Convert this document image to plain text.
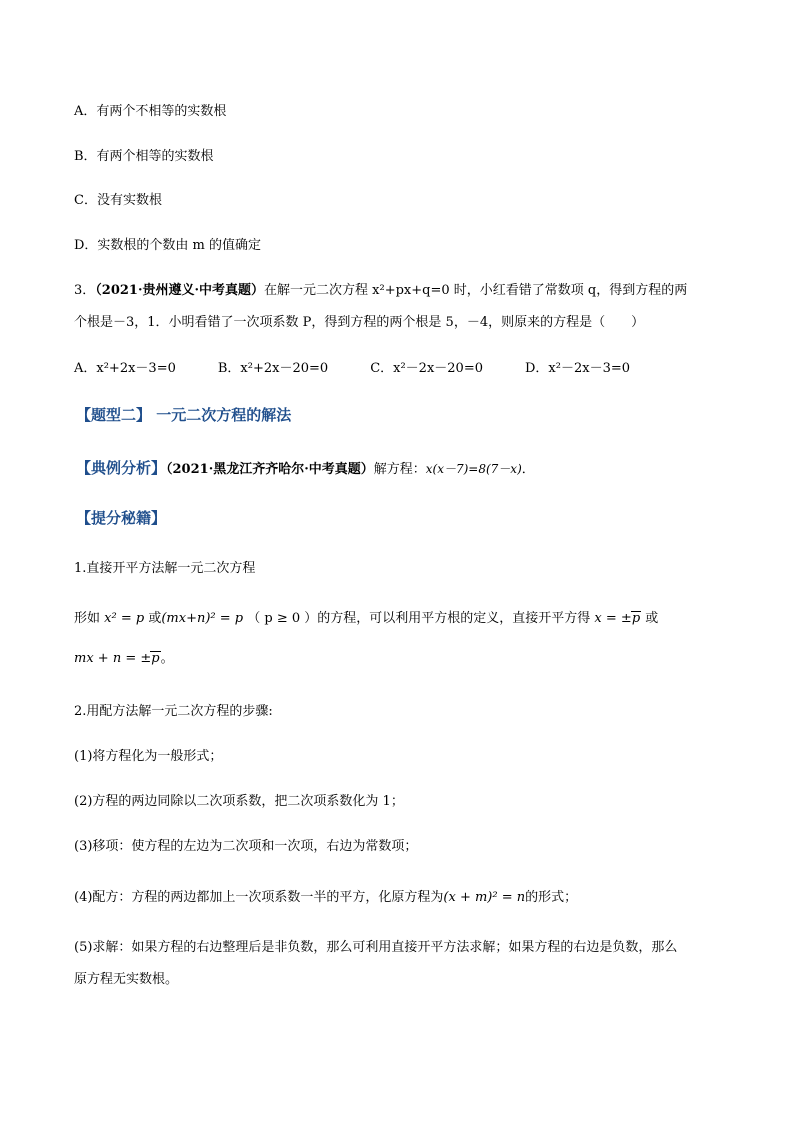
A．有两个不相等的实数根
B．有两个相等的实数根
C．没有实数根
D．实数根的个数由 m 的值确定
3．（2021·贵州遵义·中考真题）在解一元二次方程 x²+px+q=0 时，小红看错了常数项 q，得到方程的两
个根是－3，1．小明看错了一次项系数 P，得到方程的两个根是 5，－4，则原来的方程是（　　）
A．x²+2x－3=0	B．x²+2x－20=0	C．x²－2x－20=0	D．x²－2x－3=0
【题型二】 一元二次方程的解法
【典例分析】（2021·黑龙江齐齐哈尔·中考真题）解方程：x(x－7)=8(7－x)．
【提分秘籍】
1.直接开平方法解一元二次方程
形如 x² = p 或(mx+n)² = p （ p ≥ 0 ）的方程，可以利用平方根的定义，直接开平方得 x = ±p 或
mx + n = ±p。
2.用配方法解一元二次方程的步骤:
(1)将方程化为一般形式；
(2)方程的两边同除以二次项系数，把二次项系数化为 1；
(3)移项：使方程的左边为二次项和一次项，右边为常数项；
(4)配方：方程的两边都加上一次项系数一半的平方，化原方程为(x + m)² = n的形式；
(5)求解：如果方程的右边整理后是非负数，那么可利用直接开平方法求解；如果方程的右边是负数，那么
原方程无实数根。
